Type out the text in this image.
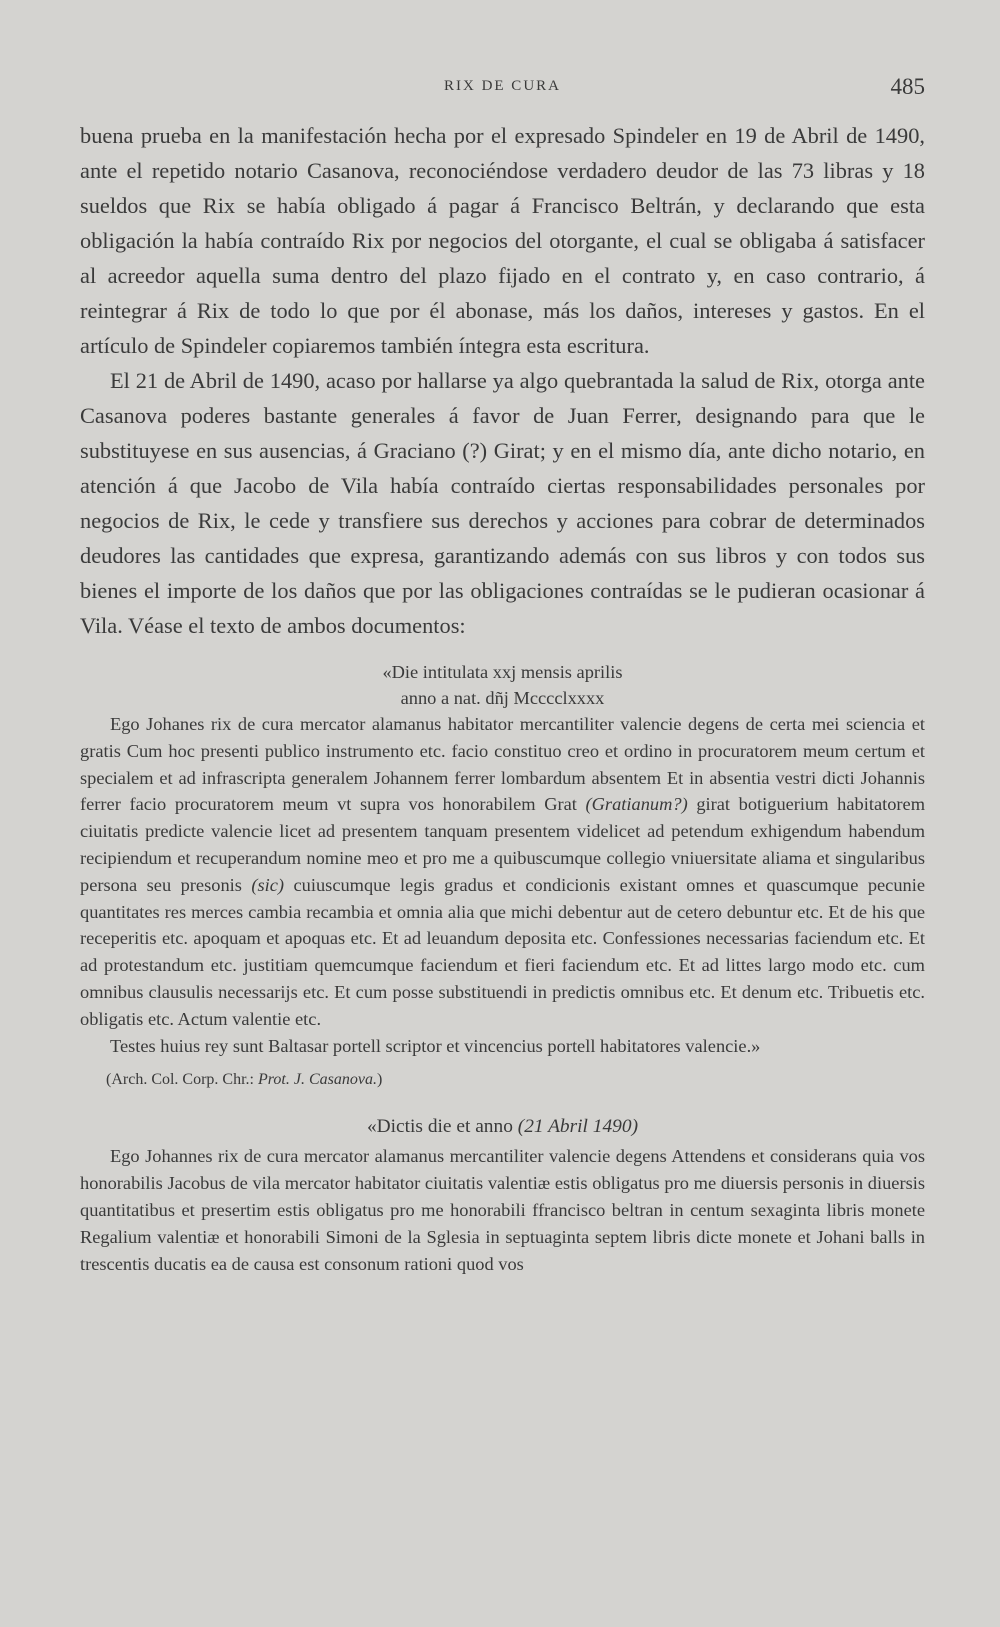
RIX DE CURA	485

buena prueba en la manifestación hecha por el expresado Spindeler en 19 de Abril de 1490, ante el repetido notario Casanova, reconociéndose verdadero deudor de las 73 libras y 18 sueldos que Rix se había obligado á pagar á Francisco Beltrán, y declarando que esta obligación la había contraído Rix por negocios del otorgante, el cual se obligaba á satisfacer al acreedor aquella suma dentro del plazo fijado en el contrato y, en caso contrario, á reintegrar á Rix de todo lo que por él abonase, más los daños, intereses y gastos. En el artículo de Spindeler copiaremos también íntegra esta escritura.

El 21 de Abril de 1490, acaso por hallarse ya algo quebrantada la salud de Rix, otorga ante Casanova poderes bastante generales á favor de Juan Ferrer, designando para que le substituyese en sus ausencias, á Graciano (?) Girat; y en el mismo día, ante dicho notario, en atención á que Jacobo de Vila había contraído ciertas responsabilidades personales por negocios de Rix, le cede y transfiere sus derechos y acciones para cobrar de determinados deudores las cantidades que expresa, garantizando además con sus libros y con todos sus bienes el importe de los daños que por las obligaciones contraídas se le pudieran ocasionar á Vila. Véase el texto de ambos documentos:

«Die intitulata xxj mensis aprilis
anno a nat. dñj Mcccclxxxx

Ego Johanes rix de cura mercator alamanus habitator mercantiliter valencie degens de certa mei sciencia et gratis Cum hoc presenti publico instrumento etc. facio constituo creo et ordino in procuratorem meum certum et specialem et ad infrascripta generalem Johannem ferrer lombardum absentem Et in absentia vestri dicti Johannis ferrer facio procuratorem meum vt supra vos honorabilem Grat (Gratianum?) girat botiguerium habitatorem ciuitatis predicte valencie licet ad presentem tanquam presentem videlicet ad petendum exhigendum habendum recipiendum et recuperandum nomine meo et pro me a quibuscumque collegio vniuersitate aliama et singularibus persona seu presonis (sic) cuiuscumque legis gradus et condicionis existant omnes et quascumque pecunie quantitates res merces cambia recambia et omnia alia que michi debentur aut de cetero debuntur etc. Et de his que receperitis etc. apoquam et apoquas etc. Et ad leuandum deposita etc. Confessiones necessarias faciendum etc. Et ad protestandum etc. justitiam quemcumque faciendum et fieri faciendum etc. Et ad littes largo modo etc. cum omnibus clausulis necessarijs etc. Et cum posse substituendi in predictis omnibus etc. Et denum etc. Tribuetis etc. obligatis etc. Actum valentie etc.

Testes huius rey sunt Baltasar portell scriptor et vincencius portell habitatores valencie.»

(Arch. Col. Corp. Chr.: Prot. J. Casanova.)

«Dictis die et anno (21 Abril 1490)

Ego Johannes rix de cura mercator alamanus mercantiliter valencie degens Attendens et considerans quia vos honorabilis Jacobus de vila mercator habitator ciuitatis valentiæ estis obligatus pro me diuersis personis in diuersis quantitatibus et presertim estis obligatus pro me honorabili ffrancisco beltran in centum sexaginta libris monete Regalium valentiæ et honorabili Simoni de la Sglesia in septuaginta septem libris dicte monete et Johani balls in trescentis ducatis ea de causa est consonum rationi quod vos
